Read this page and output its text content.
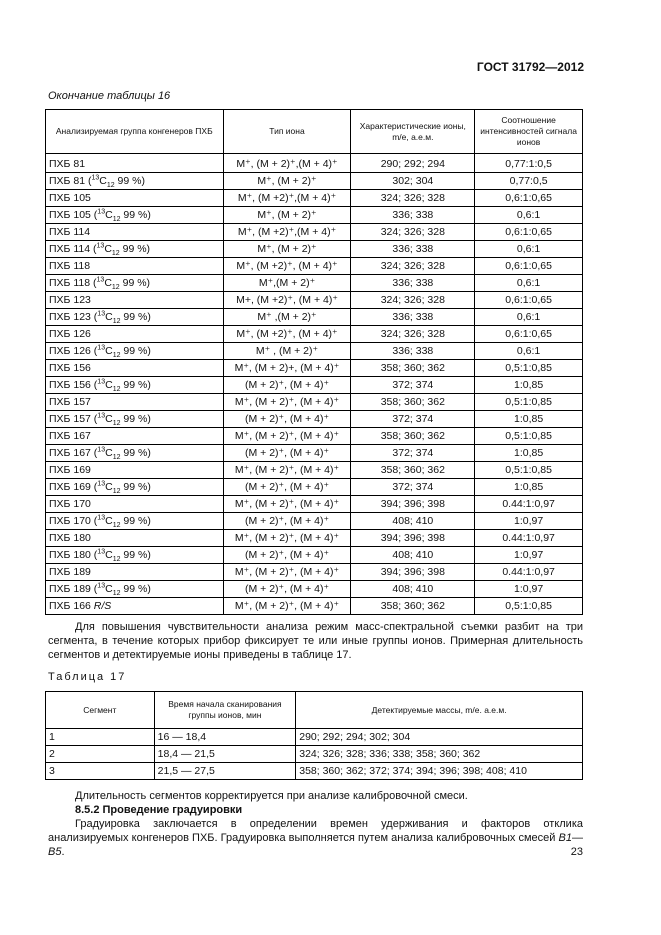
ГОСТ 31792—2012
Окончание таблицы 16
Анализируемая группа конгенеров ПХБ	Тип иона	Характеристические ионы, m/e, а.е.м.	Соотношение интенсивностей сигнала ионов
ПХБ 81	M⁺, (M + 2)⁺,(M + 4)⁺	290; 292; 294	0,77:1:0,5
ПХБ 81 ($^{13}C_{12}$ 99 %)	M⁺, (M + 2)⁺	302; 304	0,77:0,5
ПХБ 105	M⁺, (M +2)⁺,(M + 4)⁺	324; 326; 328	0,6:1:0,65
ПХБ 105 ($^{13}C_{12}$ 99 %)	M⁺, (M + 2)⁺	336; 338	0,6:1
ПХБ 114	M⁺, (M +2)⁺,(M + 4)⁺	324; 326; 328	0,6:1:0,65
ПХБ 114 ($^{13}C_{12}$ 99 %)	M⁺, (M + 2)⁺	336; 338	0,6:1
ПХБ 118	M⁺, (M +2)⁺, (M + 4)⁺	324; 326; 328	0,6:1:0,65
ПХБ 118 ($^{13}C_{12}$ 99 %)	M⁺,(M + 2)⁺	336; 338	0,6:1
ПХБ 123	M+, (M +2)⁺, (M + 4)⁺	324; 326; 328	0,6:1:0,65
ПХБ 123 ($^{13}C_{12}$ 99 %)	M⁺ ,(M + 2)⁺	336; 338	0,6:1
ПХБ 126	M⁺, (M +2)⁺, (M + 4)⁺	324; 326; 328	0,6:1:0,65
ПХБ 126 ($^{13}C_{12}$ 99 %)	M⁺ , (M + 2)⁺	336; 338	0,6:1
ПХБ 156	M⁺, (M + 2)+, (M + 4)⁺	358; 360; 362	0,5:1:0,85
ПХБ 156 ($^{13}C_{12}$ 99 %)	(M + 2)⁺, (M + 4)⁺	372; 374	1:0,85
ПХБ 157	M⁺, (M + 2)⁺, (M + 4)⁺	358; 360; 362	0,5:1:0,85
ПХБ 157 ($^{13}C_{12}$ 99 %)	(M + 2)⁺, (M + 4)⁺	372; 374	1:0,85
ПХБ 167	M⁺, (M + 2)⁺, (M + 4)⁺	358; 360; 362	0,5:1:0,85
ПХБ 167 ($^{13}C_{12}$ 99 %)	(M + 2)⁺, (M + 4)⁺	372; 374	1:0,85
ПХБ 169	M⁺, (M + 2)⁺, (M + 4)⁺	358; 360; 362	0,5:1:0,85
ПХБ 169 ($^{13}C_{12}$ 99 %)	(M + 2)⁺, (M + 4)⁺	372; 374	1:0,85
ПХБ 170	M⁺, (M + 2)⁺, (M + 4)⁺	394; 396; 398	0.44:1:0,97
ПХБ 170 ($^{13}C_{12}$ 99 %)	(M + 2)⁺, (M + 4)⁺	408; 410	1:0,97
ПХБ 180	M⁺, (M + 2)⁺, (M + 4)⁺	394; 396; 398	0.44:1:0,97
ПХБ 180 ($^{13}C_{12}$ 99 %)	(M + 2)⁺, (M + 4)⁺	408; 410	1:0,97
ПХБ 189	M⁺, (M + 2)⁺, (M + 4)⁺	394; 396; 398	0.44:1:0,97
ПХБ 189 ($^{13}C_{12}$ 99 %)	(M + 2)⁺, (M + 4)⁺	408; 410	1:0,97
ПХБ 166 R/S	M⁺, (M + 2)⁺, (M + 4)⁺	358; 360; 362	0,5:1:0,85
Для повышения чувствительности анализа режим масс-спектральной съемки разбит на три сегмента, в течение которых прибор фиксирует те или иные группы ионов. Примерная длительность сегментов и детектируемые ионы приведены в таблице 17.
Таблица 17
Сегмент	Время начала сканирования группы ионов, мин	Детектируемые массы, m/e. а.е.м.
1	16 — 18,4	290; 292; 294; 302; 304
2	18,4 — 21,5	324; 326; 328; 336; 338; 358; 360; 362
3	21,5 — 27,5	358; 360; 362; 372; 374; 394; 396; 398; 408; 410
Длительность сегментов корректируется при анализе калибровочной смеси.
8.5.2 Проведение градуировки
Градуировка заключается в определении времен удерживания и факторов отклика анализируемых конгенеров ПХБ. Градуировка выполняется путем анализа калибровочных смесей B1—B5.	23
